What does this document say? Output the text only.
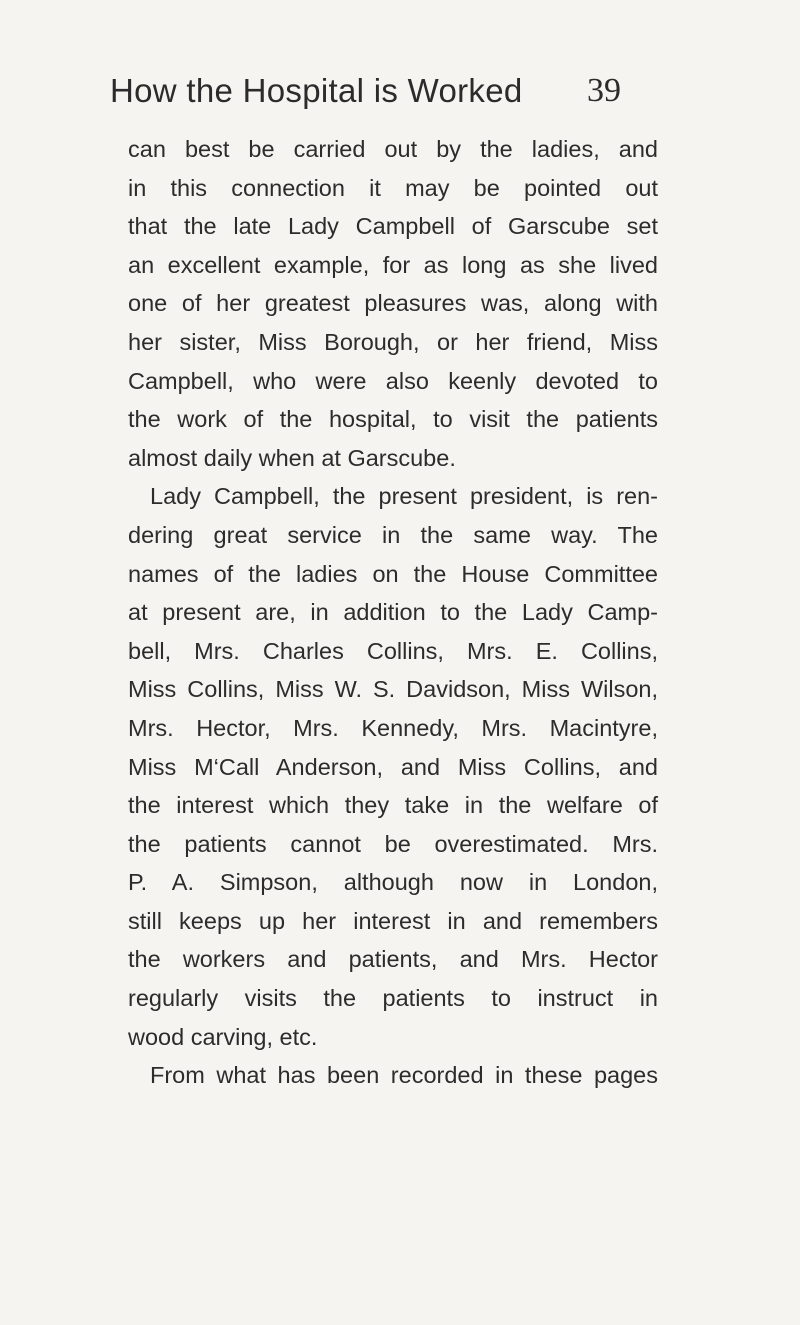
How the Hospital is Worked 39
can best be carried out by the ladies, and
in this connection it may be pointed out
that the late Lady Campbell of Garscube set
an excellent example, for as long as she lived
one of her greatest pleasures was, along with
her sister, Miss Borough, or her friend, Miss
Campbell, who were also keenly devoted to
the work of the hospital, to visit the patients
almost daily when at Garscube.
Lady Campbell, the present president, is ren-
dering great service in the same way. The
names of the ladies on the House Committee
at present are, in addition to the Lady Camp-
bell, Mrs. Charles Collins, Mrs. E. Collins,
Miss Collins, Miss W. S. Davidson, Miss Wilson,
Mrs. Hector, Mrs. Kennedy, Mrs. Macintyre,
Miss M‘Call Anderson, and Miss Collins, and
the interest which they take in the welfare of
the patients cannot be overestimated. Mrs.
P. A. Simpson, although now in London,
still keeps up her interest in and remembers
the workers and patients, and Mrs. Hector
regularly visits the patients to instruct in
wood carving, etc.
From what has been recorded in these pages
